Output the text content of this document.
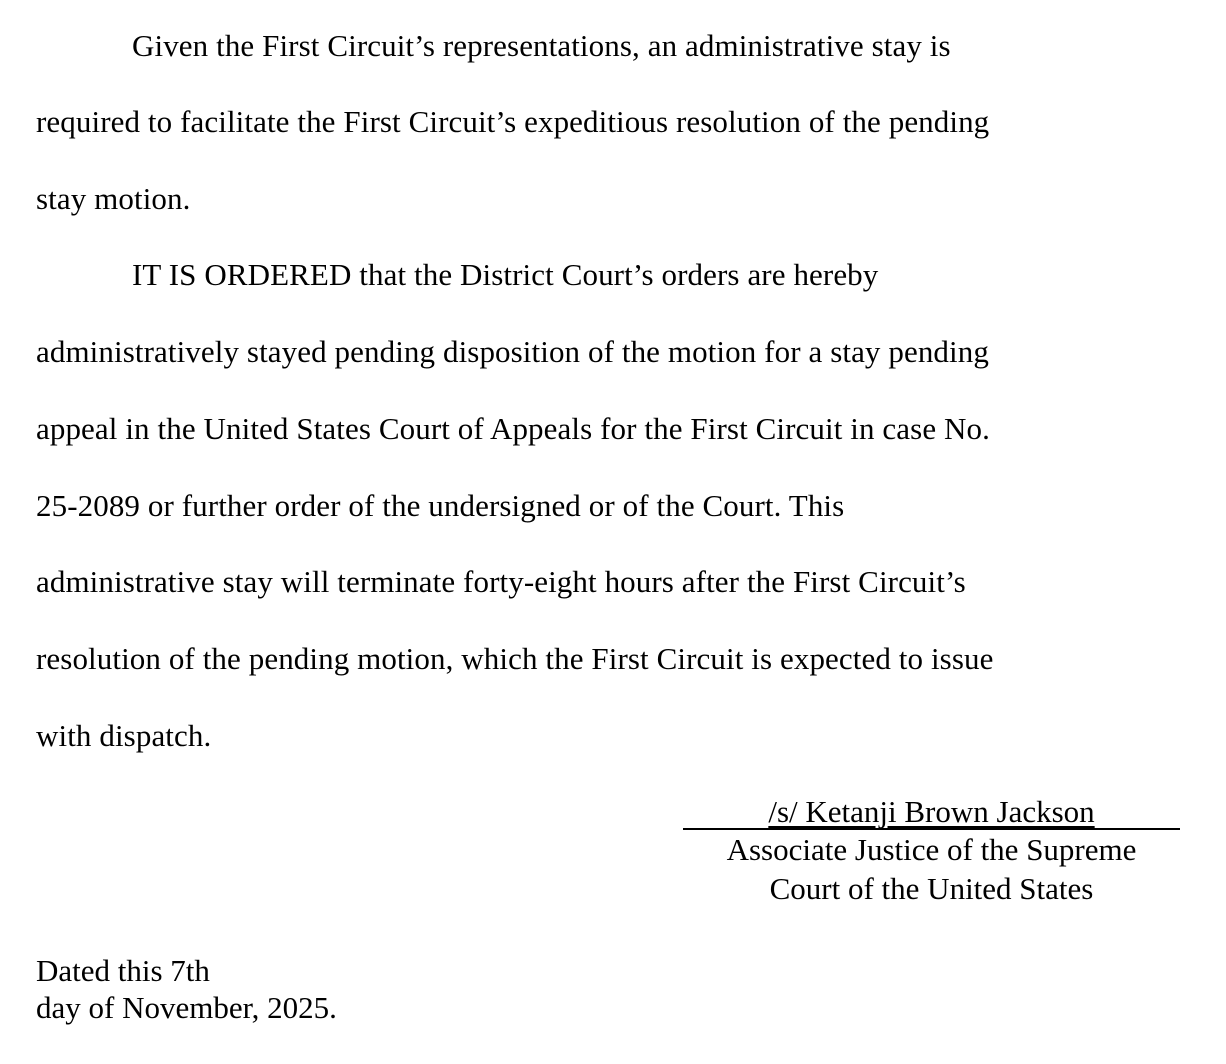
Given the First Circuit’s representations, an administrative stay is
required to facilitate the First Circuit’s expeditious resolution of the pending
stay motion.
IT IS ORDERED that the District Court’s orders are hereby
administratively stayed pending disposition of the motion for a stay pending
appeal in the United States Court of Appeals for the First Circuit in case No.
25-2089 or further order of the undersigned or of the Court. This
administrative stay will terminate forty-eight hours after the First Circuit’s
resolution of the pending motion, which the First Circuit is expected to issue
with dispatch.
/s/ Ketanji Brown Jackson
Associate Justice of the Supreme
Court of the United States
Dated this 7th
day of November, 2025.
